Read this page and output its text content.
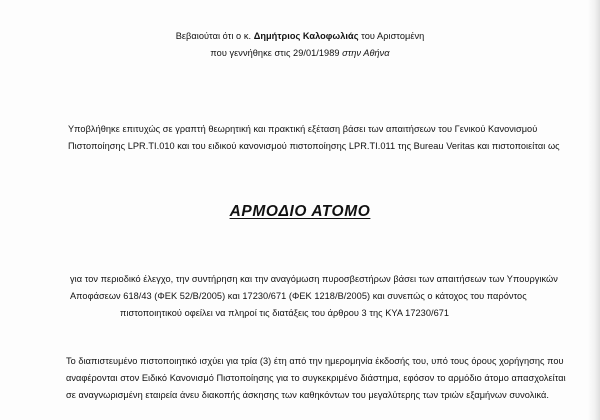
Βεβαιούται ότι ο κ. Δημήτριος Καλοφωλιάς του Αριστομένη
που γεννήθηκε στις 29/01/1989 στην Αθήνα
Υποβλήθηκε επιτυχώς σε γραπτή θεωρητική και πρακτική εξέταση βάσει των απαιτήσεων του Γενικού Κανονισμού
Πιστοποίησης LPR.TI.010 και του ειδικού κανονισμού πιστοποίησης LPR.TI.011 της Bureau Veritas και πιστοποιείται ως
ΑΡΜΟΔΙΟ ΑΤΟΜΟ
για τον περιοδικό έλεγχο, την συντήρηση και την αναγόμωση πυροσβεστήρων βάσει των απαιτήσεων των Υπουργικών
Αποφάσεων 618/43 (ΦΕΚ 52/Β/2005) και 17230/671 (ΦΕΚ 1218/Β/2005) και συνεπώς ο κάτοχος του παρόντος
πιστοποιητικού οφείλει να πληροί τις διατάξεις του άρθρου 3 της ΚΥΑ 17230/671
Το διαπιστευμένο πιστοποιητικό ισχύει για τρία (3) έτη από την ημερομηνία έκδοσής του, υπό τους όρους χορήγησης που
αναφέρονται στον Ειδικό Κανονισμό Πιστοποίησης για το συγκεκριμένο διάστημα, εφόσον το αρμόδιο άτομο απασχολείται
σε αναγνωρισμένη εταιρεία άνευ διακοπής άσκησης των καθηκόντων του μεγαλύτερης των τριών εξαμήνων συνολικά.
